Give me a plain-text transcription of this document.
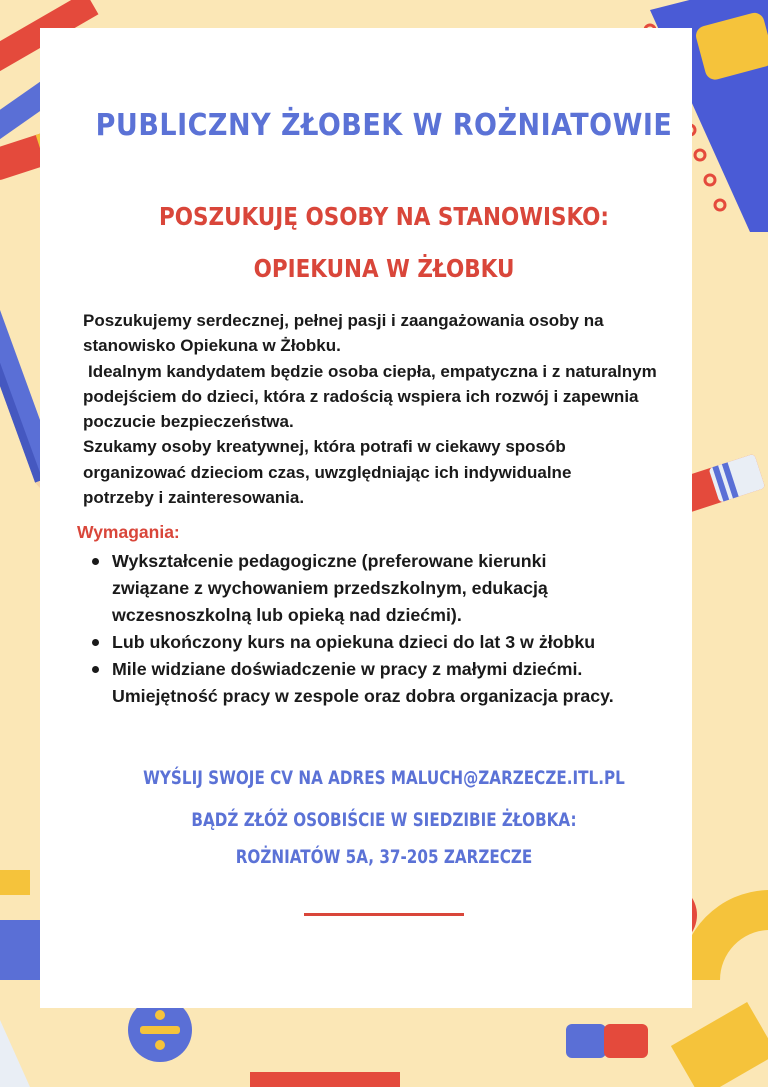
PUBLICZNY ŻŁOBEK W ROŻNIATOWIE
POSZUKUJĘ OSOBY NA STANOWISKO:
OPIEKUNA W ŻŁOBKU
Poszukujemy serdecznej, pełnej pasji i zaangażowania osoby na stanowisko Opiekuna w Żłobku.
Idealnym kandydatem będzie osoba ciepła, empatyczna i z naturalnym podejściem do dzieci, która z radością wspiera ich rozwój i zapewnia poczucie bezpieczeństwa.
Szukamy osoby kreatywnej, która potrafi w ciekawy sposób organizować dzieciom czas, uwzględniając ich indywidualne potrzeby i zainteresowania.

Wymagania:

Wykształcenie pedagogiczne (preferowane kierunki związane z wychowaniem przedszkolnym, edukacją wczesnoszkolną lub opieką nad dziećmi).
Lub ukończony kurs na opiekuna dzieci do lat 3 w żłobku
Mile widziane doświadczenie w pracy z małymi dziećmi. Umiejętność pracy w zespole oraz dobra organizacja pracy.

WYŚLIJ SWOJE CV NA ADRES MALUCH@ZARZECZE.ITL.PL

BĄDŹ ZŁÓŻ OSOBIŚCIE W SIEDZIBIE ŻŁOBKA:

ROŻNIATÓW 5A, 37-205 ZARZECZE
